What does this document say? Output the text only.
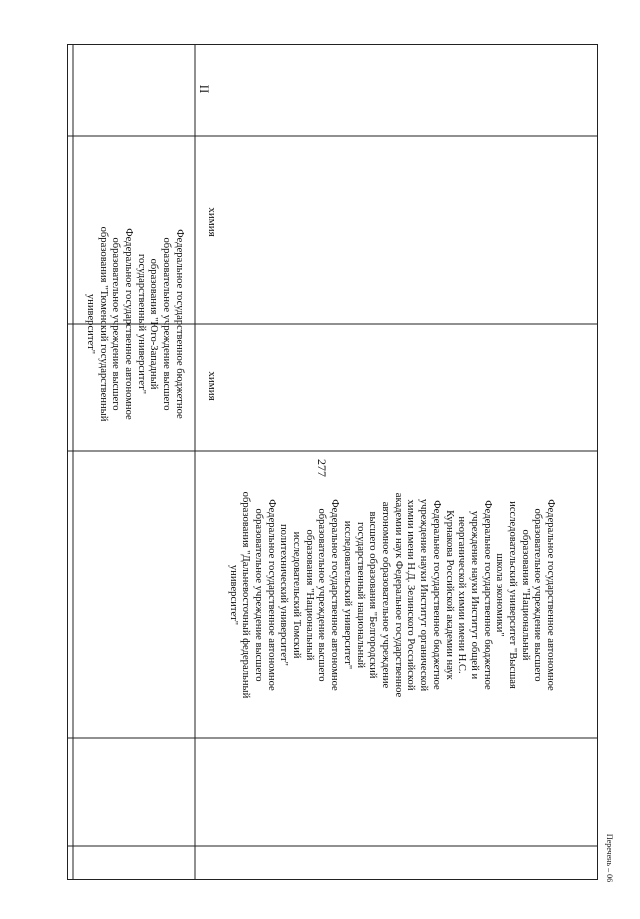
277
Федеральное государственное бюджетное
образовательное учреждение высшего
образования "Юго-Западный
государственный университет"
Федеральное государственное автономное
образовательное учреждение высшего
образования "Тюменский государственный
университет"
Федеральное государственное автономное
образовательное учреждение высшего
образования "Национальный
исследовательский университет "Высшая
школа экономики"
Федеральное государственное бюджетное
учреждение науки Институт общей и
неорганической химии имени Н.С.
Курнакова Российской академии наук
Федеральное государственное бюджетное
учреждение науки Институт органической
химии имени Н.Д. Зелинского Российской
академии наук Федеральное государственное
автономное образовательное учреждение
высшего образования "Белгородский
государственный национальный
исследовательский университет"
Федеральное государственное автономное
образовательное учреждение высшего
образования "Национальный
исследовательский Томский
политехнический университет"
Федеральное государственное автономное
образовательное учреждение высшего
образования "Дальневосточный федеральный
университет"
химия
химия
II
Перечень – 06
